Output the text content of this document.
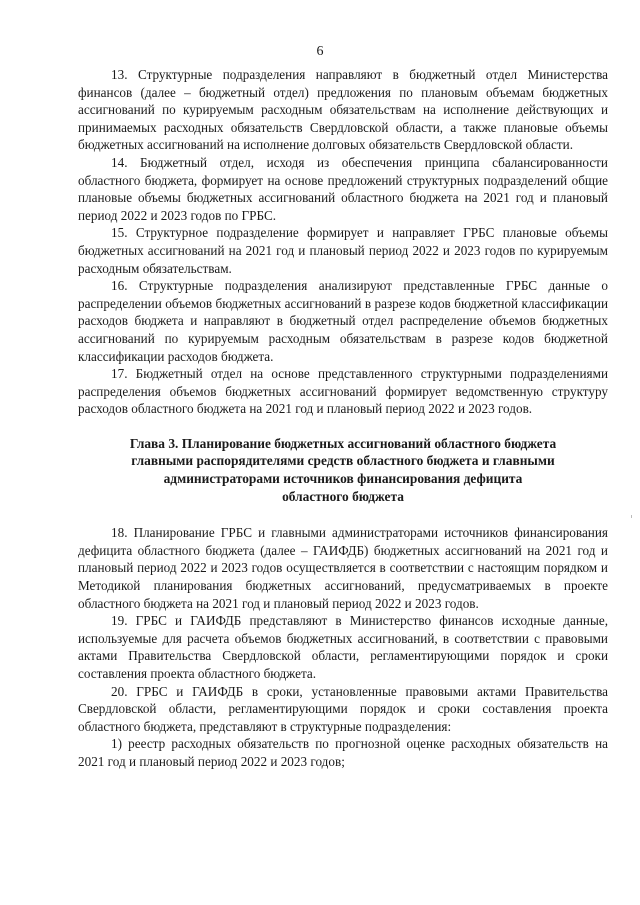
6

13. Структурные подразделения направляют в бюджетный отдел Министерства финансов (далее – бюджетный отдел) предложения по плановым объемам бюджетных ассигнований по курируемым расходным обязательствам на исполнение действующих и принимаемых расходных обязательств Свердловской области, а также плановые объемы бюджетных ассигнований на исполнение долговых обязательств Свердловской области.

14. Бюджетный отдел, исходя из обеспечения принципа сбалансированности областного бюджета, формирует на основе предложений структурных подразделений общие плановые объемы бюджетных ассигнований областного бюджета на 2021 год и плановый период 2022 и 2023 годов по ГРБС.

15. Структурное подразделение формирует и направляет ГРБС плановые объемы бюджетных ассигнований на 2021 год и плановый период 2022 и 2023 годов по курируемым расходным обязательствам.

16. Структурные подразделения анализируют представленные ГРБС данные о распределении объемов бюджетных ассигнований в разрезе кодов бюджетной классификации расходов бюджета и направляют в бюджетный отдел распределение объемов бюджетных ассигнований по курируемым расходным обязательствам в разрезе кодов бюджетной классификации расходов бюджета.

17. Бюджетный отдел на основе представленного структурными подразделениями распределения объемов бюджетных ассигнований формирует ведомственную структуру расходов областного бюджета на 2021 год и плановый период 2022 и 2023 годов.

Глава 3. Планирование бюджетных ассигнований областного бюджета
главными распорядителями средств областного бюджета и главными
администраторами источников финансирования дефицита
областного бюджета

18. Планирование ГРБС и главными администраторами источников финансирования дефицита областного бюджета (далее – ГАИФДБ) бюджетных ассигнований на 2021 год и плановый период 2022 и 2023 годов осуществляется в соответствии с настоящим порядком и Методикой планирования бюджетных ассигнований, предусматриваемых в проекте областного бюджета на 2021 год и плановый период 2022 и 2023 годов.

19. ГРБС и ГАИФДБ представляют в Министерство финансов исходные данные, используемые для расчета объемов бюджетных ассигнований, в соответствии с правовыми актами Правительства Свердловской области, регламентирующими порядок и сроки составления проекта областного бюджета.

20. ГРБС и ГАИФДБ в сроки, установленные правовыми актами Правительства Свердловской области, регламентирующими порядок и сроки составления проекта областного бюджета, представляют в структурные подразделения:

1) реестр расходных обязательств по прогнозной оценке расходных обязательств на 2021 год и плановый период 2022 и 2023 годов;
